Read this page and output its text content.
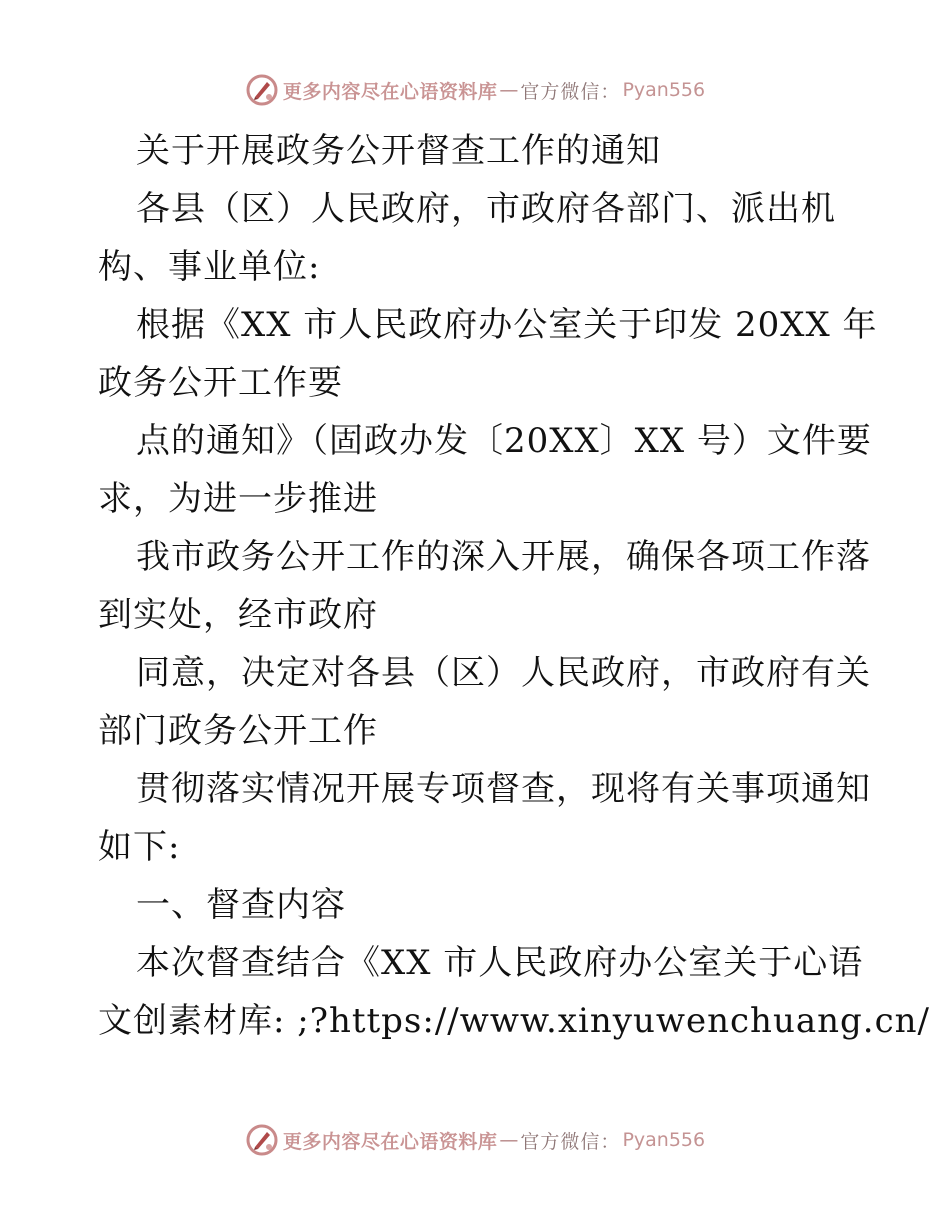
更多内容尽在心语资料库 — 官方微信： Pyan556
关于开展政务公开督查工作的通知
各县（区）人民政府，市政府各部门、派出机
构、事业单位:
根据《XX 市人民政府办公室关于印发 20XX 年
政务公开工作要
点的通知》（固政办发〔20XX〕XX 号）文件要
求，为进一步推进
我市政务公开工作的深入开展，确保各项工作落
到实处，经市政府
同意，决定对各县（区）人民政府，市政府有关
部门政务公开工作
贯彻落实情况开展专项督查，现将有关事项通知
如下:
一、督查内容
本次督查结合《XX 市人民政府办公室关于心语
文创素材库: ;?https://www.xinyuwenchuang.cn/
更多内容尽在心语资料库 — 官方微信： Pyan556
